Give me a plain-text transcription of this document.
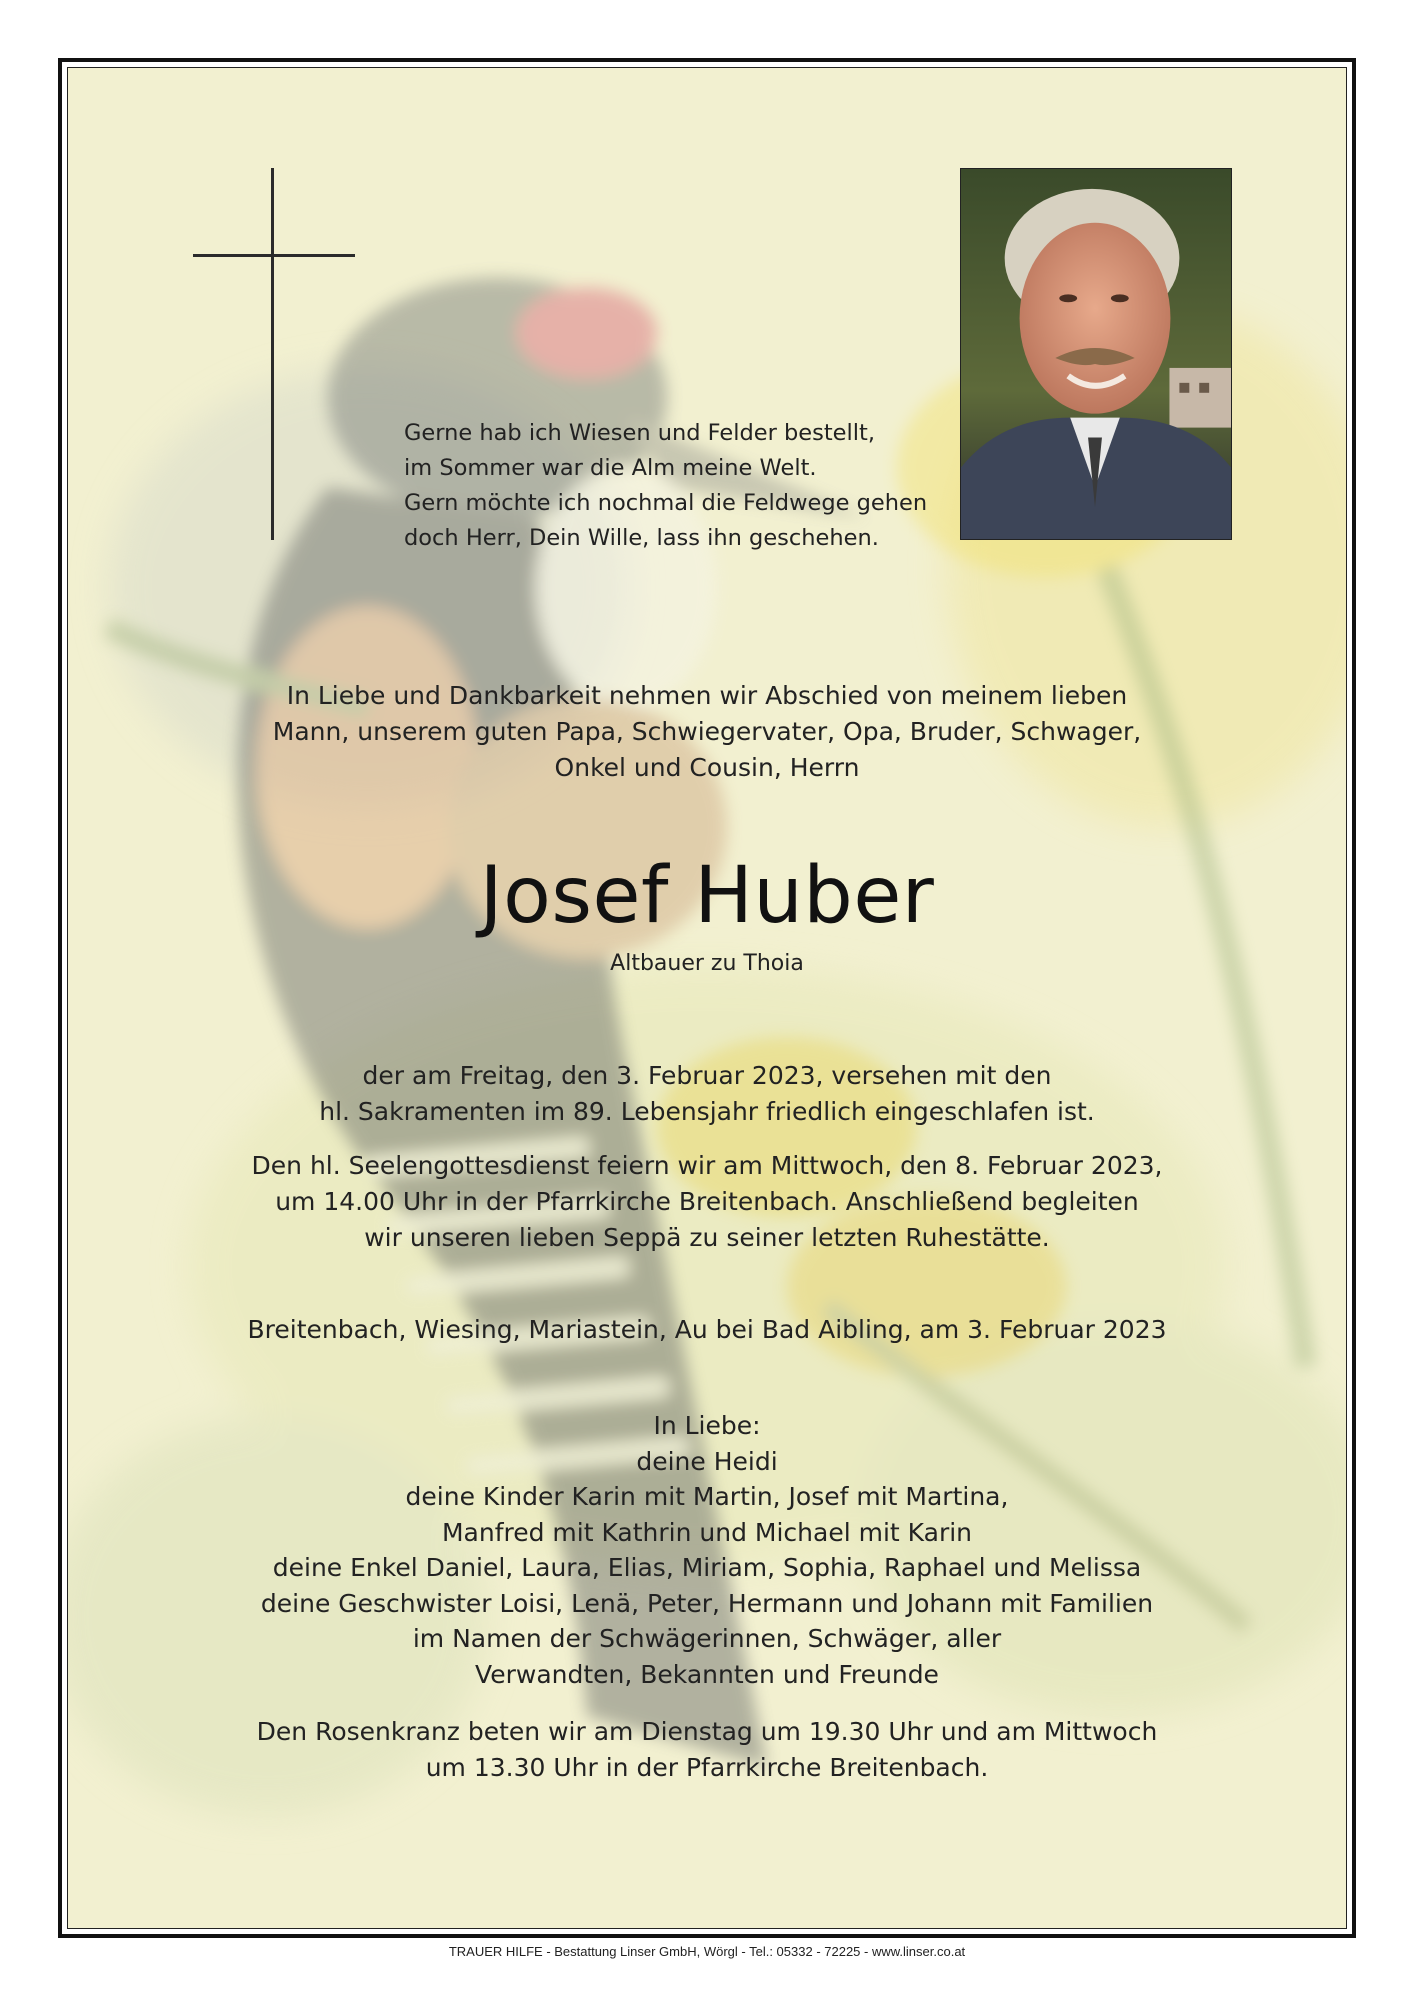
Gerne hab ich Wiesen und Felder bestellt,
im Sommer war die Alm meine Welt.
Gern möchte ich nochmal die Feldwege gehen
doch Herr, Dein Wille, lass ihn geschehen.
In Liebe und Dankbarkeit nehmen wir Abschied von meinem lieben
Mann, unserem guten Papa, Schwiegervater, Opa, Bruder, Schwager,
Onkel und Cousin, Herrn
Josef Huber
Altbauer zu Thoia
der am Freitag, den 3. Februar 2023, versehen mit den
hl. Sakramenten im 89. Lebensjahr friedlich eingeschlafen ist.
Den hl. Seelengottesdienst feiern wir am Mittwoch, den 8. Februar 2023,
um 14.00 Uhr in der Pfarrkirche Breitenbach. Anschließend begleiten
wir unseren lieben Seppä zu seiner letzten Ruhestätte.
Breitenbach, Wiesing, Mariastein, Au bei Bad Aibling, am 3. Februar 2023
In Liebe:
deine Heidi
deine Kinder Karin mit Martin, Josef mit Martina,
Manfred mit Kathrin und Michael mit Karin
deine Enkel Daniel, Laura, Elias, Miriam, Sophia, Raphael und Melissa
deine Geschwister Loisi, Lenä, Peter, Hermann und Johann mit Familien
im Namen der Schwägerinnen, Schwäger, aller
Verwandten, Bekannten und Freunde
Den Rosenkranz beten wir am Dienstag um 19.30 Uhr und am Mittwoch
um 13.30 Uhr in der Pfarrkirche Breitenbach.
TRAUER HILFE - Bestattung Linser GmbH, Wörgl - Tel.: 05332 - 72225 - www.linser.co.at
